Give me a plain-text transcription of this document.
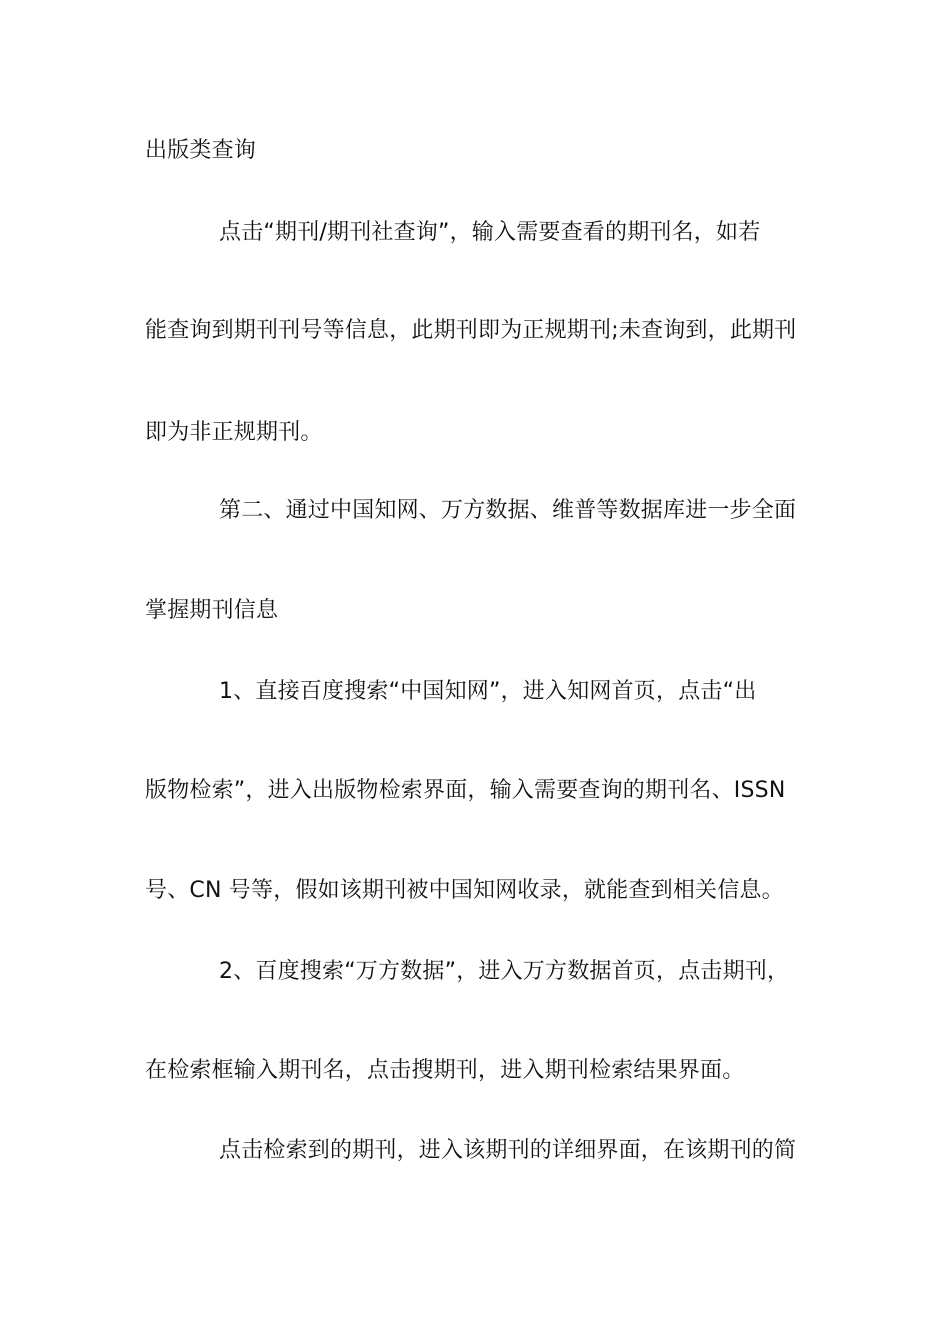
出版类查询
点击“期刊/期刊社查询”，输入需要查看的期刊名，如若
能查询到期刊刊号等信息，此期刊即为正规期刊;未查询到，此期刊
即为非正规期刊。
第二、通过中国知网、万方数据、维普等数据库进一步全面
掌握期刊信息
1、直接百度搜索“中国知网”，进入知网首页，点击“出
版物检索”，进入出版物检索界面，输入需要查询的期刊名、ISSN
号、CN 号等，假如该期刊被中国知网收录，就能查到相关信息。
2、百度搜索“万方数据”，进入万方数据首页，点击期刊，
在检索框输入期刊名，点击搜期刊，进入期刊检索结果界面。
点击检索到的期刊，进入该期刊的详细界面，在该期刊的简
